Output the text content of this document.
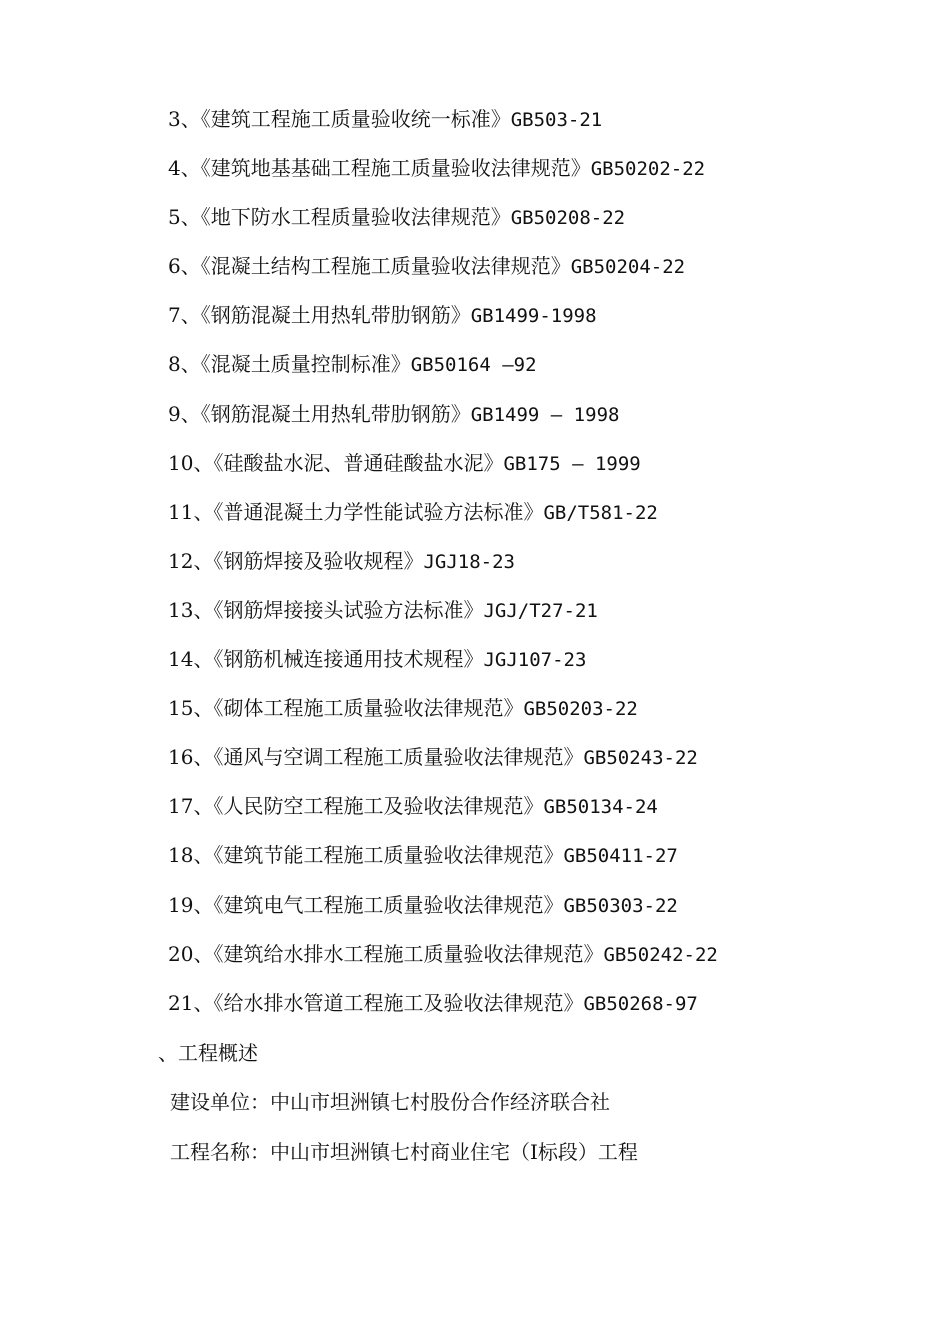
3、《建筑工程施工质量验收统一标准》GB503-21
4、《建筑地基基础工程施工质量验收法律规范》GB50202-22
5、《地下防水工程质量验收法律规范》GB50208-22
6、《混凝土结构工程施工质量验收法律规范》GB50204-22
7、《钢筋混凝土用热轧带肋钢筋》GB1499-1998
8、《混凝土质量控制标准》GB50164 —92
9、《钢筋混凝土用热轧带肋钢筋》GB1499 — 1998
10、《硅酸盐水泥、普通硅酸盐水泥》GB175 — 1999
11、《普通混凝土力学性能试验方法标准》GB/T581-22
12、《钢筋焊接及验收规程》JGJ18-23
13、《钢筋焊接接头试验方法标准》JGJ/T27-21
14、《钢筋机械连接通用技术规程》JGJ107-23
15、《砌体工程施工质量验收法律规范》GB50203-22
16、《通风与空调工程施工质量验收法律规范》GB50243-22
17、《人民防空工程施工及验收法律规范》GB50134-24
18、《建筑节能工程施工质量验收法律规范》GB50411-27
19、《建筑电气工程施工质量验收法律规范》GB50303-22
20、《建筑给水排水工程施工质量验收法律规范》GB50242-22
21、《给水排水管道工程施工及验收法律规范》GB50268-97
、工程概述
建设单位：中山市坦洲镇七村股份合作经济联合社
工程名称：中山市坦洲镇七村商业住宅（Ⅰ标段）工程
